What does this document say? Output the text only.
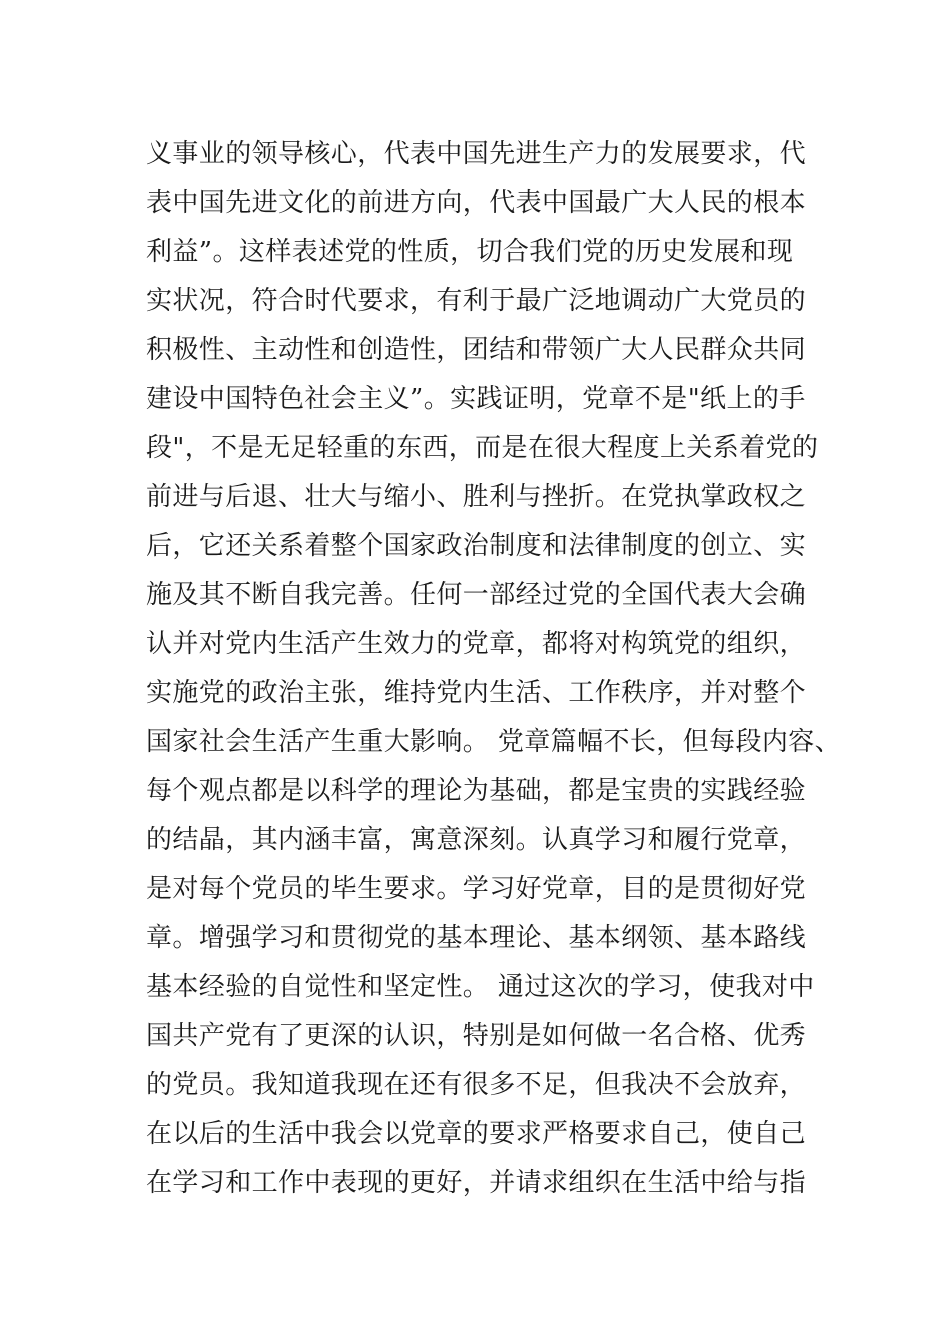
义事业的领导核心，代表中国先进生产力的发展要求，代
表中国先进文化的前进方向，代表中国最广大人民的根本
利益”。这样表述党的性质，切合我们党的历史发展和现
实状况，符合时代要求，有利于最广泛地调动广大党员的
积极性、主动性和创造性，团结和带领广大人民群众共同
建设中国特色社会主义”。实践证明，党章不是"纸上的手
段"，不是无足轻重的东西，而是在很大程度上关系着党的
前进与后退、壮大与缩小、胜利与挫折。在党执掌政权之
后，它还关系着整个国家政治制度和法律制度的创立、实
施及其不断自我完善。任何一部经过党的全国代表大会确
认并对党内生活产生效力的党章，都将对构筑党的组织，
实施党的政治主张，维持党内生活、工作秩序，并对整个
国家社会生活产生重大影响。 党章篇幅不长，但每段内容、
每个观点都是以科学的理论为基础，都是宝贵的实践经验
的结晶，其内涵丰富，寓意深刻。认真学习和履行党章，
是对每个党员的毕生要求。学习好党章，目的是贯彻好党
章。增强学习和贯彻党的基本理论、基本纲领、基本路线
基本经验的自觉性和坚定性。 通过这次的学习，使我对中
国共产党有了更深的认识，特别是如何做一名合格、优秀
的党员。我知道我现在还有很多不足，但我决不会放弃，
在以后的生活中我会以党章的要求严格要求自己，使自己
在学习和工作中表现的更好，并请求组织在生活中给与指
